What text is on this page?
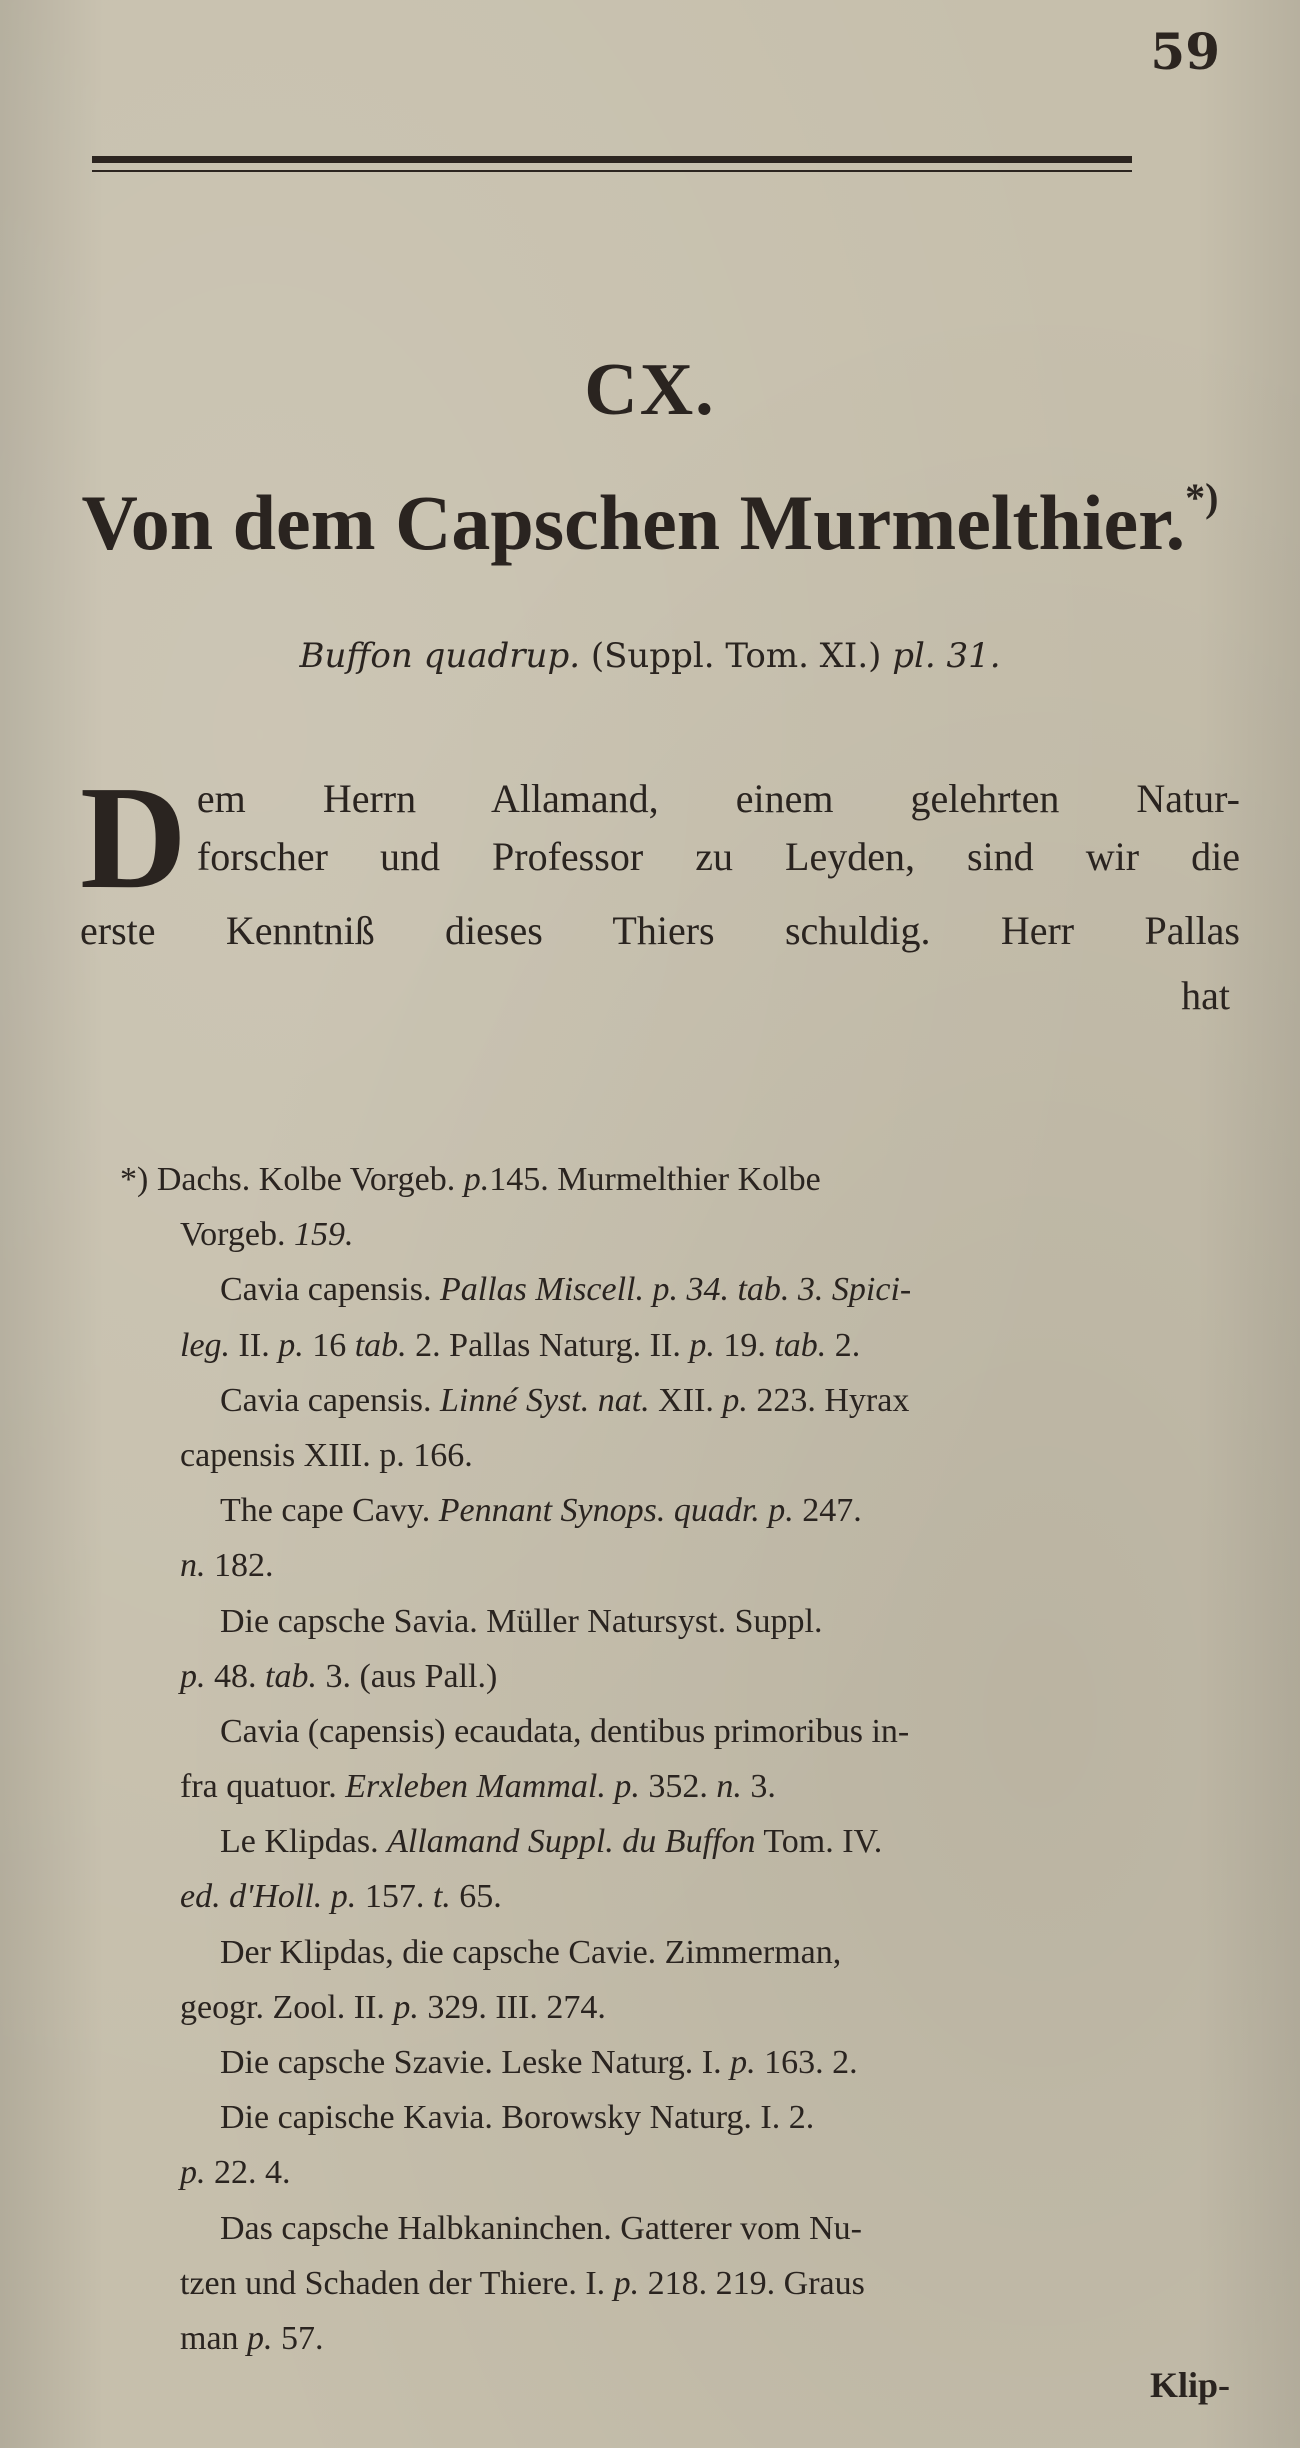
59
CX.
Von dem Capschen Murmelthier.*)
Buffon quadrup. (Suppl. Tom. XI.) pl. 31.
D em Herrn Allamand, einem gelehrten Natur-
forscher und Professor zu Leyden, sind wir die
erste Kenntniß dieses Thiers schuldig. Herr Pallas
hat
*) Dachs. Kolbe Vorgeb. p.145. Murmelthier Kolbe
Vorgeb. 159.
Cavia capensis. Pallas Miscell. p. 34. tab. 3. Spici-
leg. II. p. 16 tab. 2. Pallas Naturg. II. p. 19. tab. 2.
Cavia capensis. Linné Syst. nat. XII. p. 223. Hyrax
capensis XIII. p. 166.
The cape Cavy. Pennant Synops. quadr. p. 247.
n. 182.
Die capsche Savia. Müller Natursyst. Suppl.
p. 48. tab. 3. (aus Pall.)
Cavia (capensis) ecaudata, dentibus primoribus in-
fra quatuor. Erxleben Mammal. p. 352. n. 3.
Le Klipdas. Allamand Suppl. du Buffon Tom. IV.
ed. d'Holl. p. 157. t. 65.
Der Klipdas, die capsche Cavie. Zimmerman,
geogr. Zool. II. p. 329. III. 274.
Die capsche Szavie. Leske Naturg. I. p. 163. 2.
Die capische Kavia. Borowsky Naturg. I. 2.
p. 22. 4.
Das capsche Halbkaninchen. Gatterer vom Nu-
tzen und Schaden der Thiere. I. p. 218. 219. Graus
man p. 57.
Klip-
